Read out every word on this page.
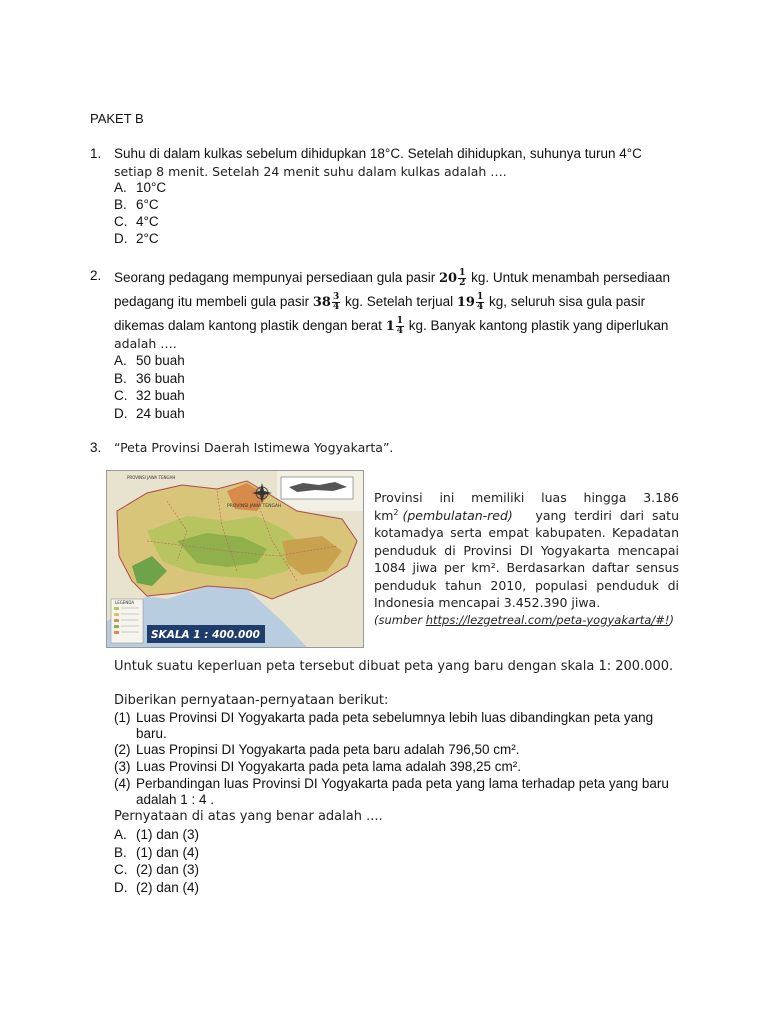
PAKET B
1. Suhu di dalam kulkas sebelum dihidupkan 18°C. Setelah dihidupkan, suhunya turun 4°C
setiap 8 menit. Setelah 24 menit suhu dalam kulkas adalah ….
A. 10°C
B. 6°C
C. 4°C
D. 2°C
2. Seorang pedagang mempunyai persediaan gula pasir $20 \frac{1}{2}$ kg. Untuk menambah persediaan
pedagang itu membeli gula pasir $38 \frac{3}{4}$ kg. Setelah terjual $19 \frac{1}{4}$ kg, seluruh sisa gula pasir
dikemas dalam kantong plastik dengan berat $1 \frac{1}{4}$ kg. Banyak kantong plastik yang diperlukan
adalah ….
A. 50 buah
B. 36 buah
C. 32 buah
D. 24 buah
3. “Peta Provinsi Daerah Istimewa Yogyakarta”.
PROVINSI JAWA TENGAH
PROVINSI JAWA TENGAH
LEGENDA
SKALA 1 : 400.000
Provinsi ini memiliki luas hingga 3.186
$km^2$ (pembulatan-red) yang terdiri dari satu
kotamadya serta empat kabupaten. Kepadatan
penduduk di Provinsi DI Yogyakarta mencapai
1084 jiwa per km². Berdasarkan daftar sensus
penduduk tahun 2010, populasi penduduk di
Indonesia mencapai 3.452.390 jiwa.
(sumber https://lezgetreal.com/peta-yogyakarta/#!)
Untuk suatu keperluan peta tersebut dibuat peta yang baru dengan skala 1: 200.000.
Diberikan pernyataan-pernyataan berikut:
(1) Luas Provinsi DI Yogyakarta pada peta sebelumnya lebih luas dibandingkan peta yang
baru.
(2) Luas Propinsi DI Yogyakarta pada peta baru adalah 796,50 cm².
(3) Luas Provinsi DI Yogyakarta pada peta lama adalah 398,25 cm².
(4) Perbandingan luas Provinsi DI Yogyakarta pada peta yang lama terhadap peta yang baru
adalah 1 : 4 .
Pernyataan di atas yang benar adalah ....
A. (1) dan (3)
B. (1) dan (4)
C. (2) dan (3)
D. (2) dan (4)
